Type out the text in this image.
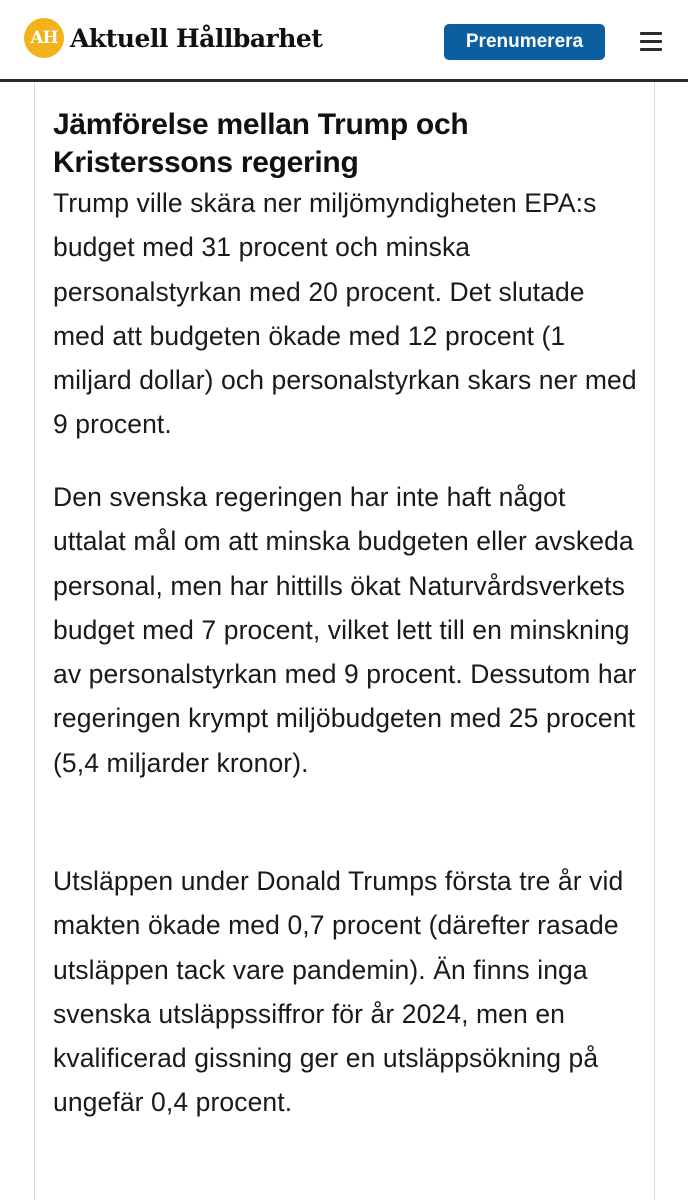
AH Aktuell Hållbarhet	Prenumerera
Jämförelse mellan Trump och Kristerssons regering

Trump ville skära ner miljömyndigheten EPA:s budget med 31 procent och minska personalstyrkan med 20 procent. Det slutade med att budgeten ökade med 12 procent (1 miljard dollar) och personalstyrkan skars ner med 9 procent.

Den svenska regeringen har inte haft något uttalat mål om att minska budgeten eller avskeda personal, men har hittills ökat Naturvårdsverkets budget med 7 procent, vilket lett till en minskning av personalstyrkan med 9 procent. Dessutom har regeringen krympt miljöbudgeten med 25 procent (5,4 miljarder kronor).

Utsläppen under Donald Trumps första tre år vid makten ökade med 0,7 procent (därefter rasade utsläppen tack vare pandemin). Än finns inga svenska utsläppssiffror för år 2024, men en kvalificerad gissning ger en utsläppsökning på ungefär 0,4 procent.
